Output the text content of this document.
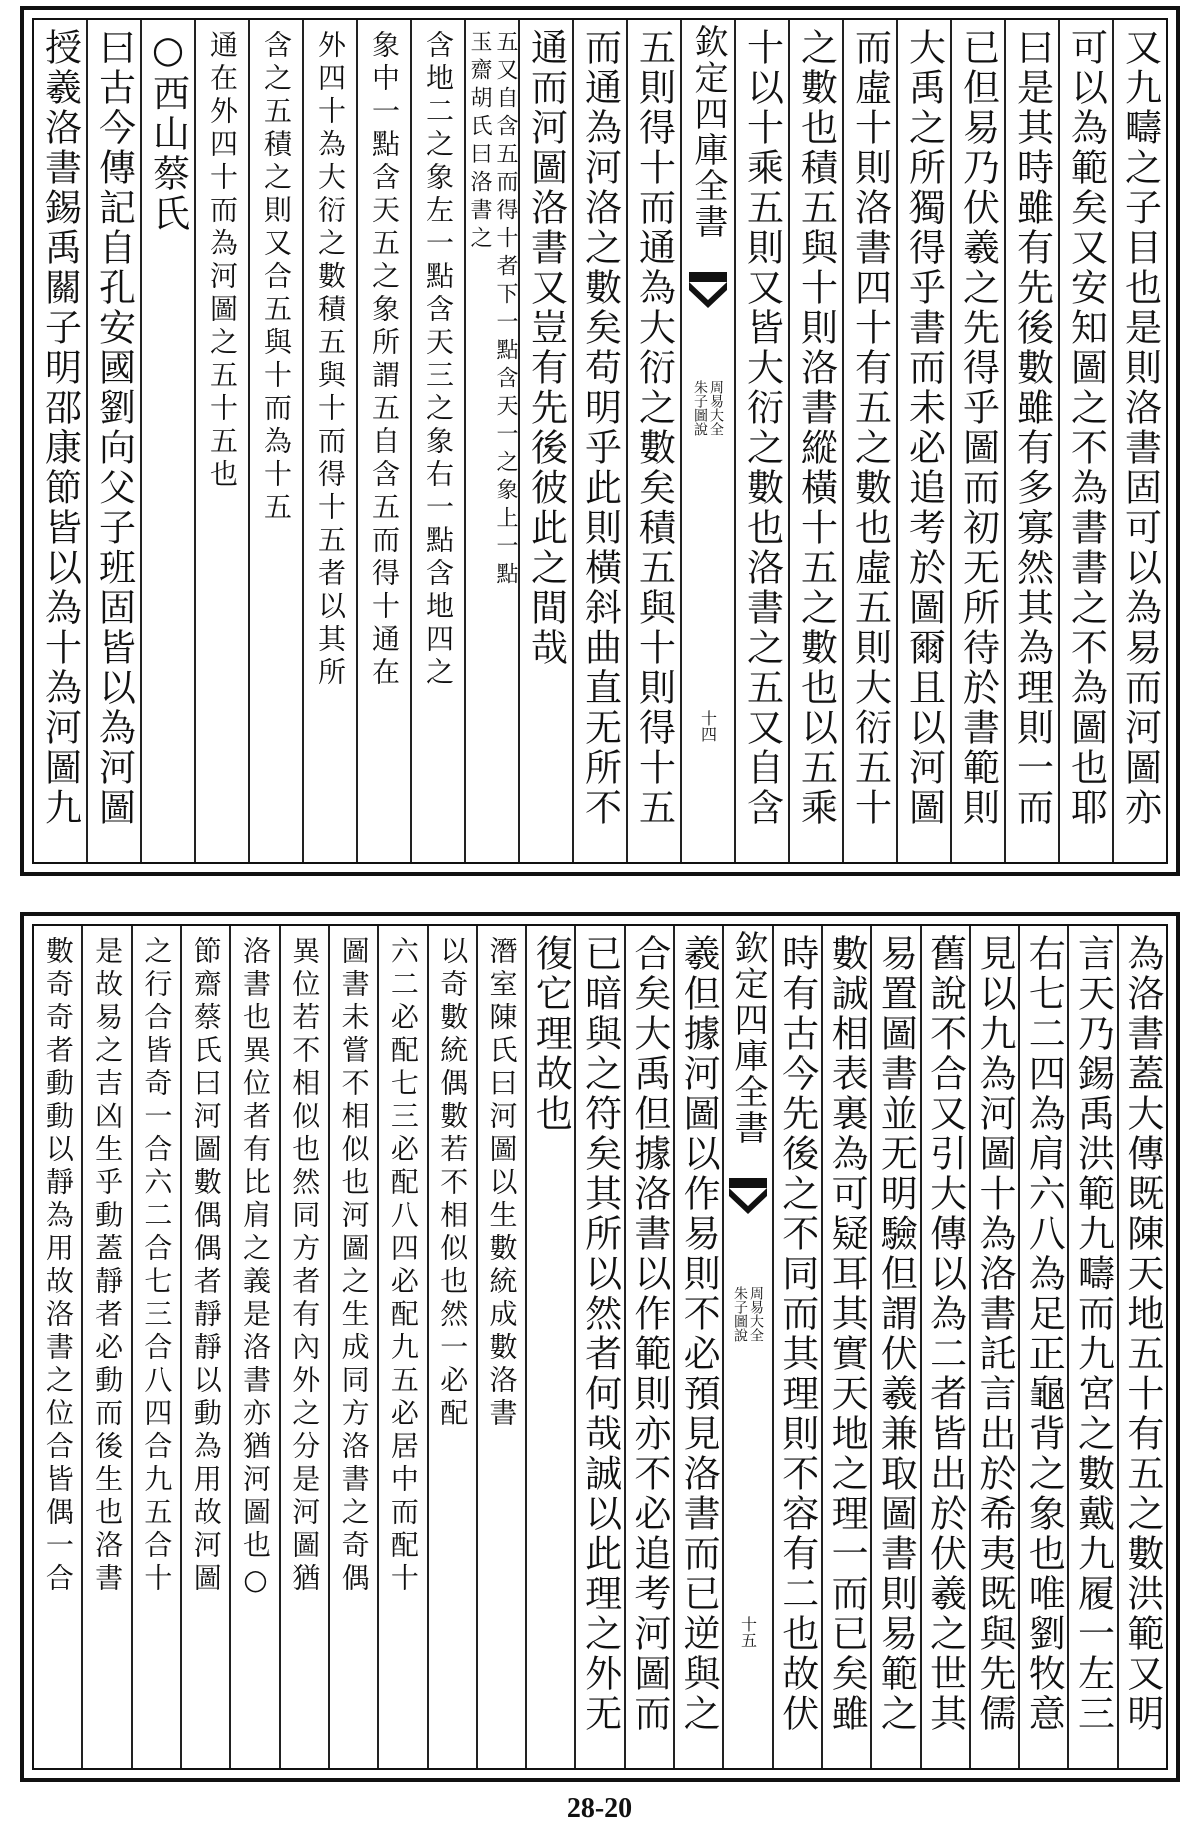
又九疇之子目也是則洛書固可以為易而河圖亦
可以為範矣又安知圖之不為書書之不為圖也耶
曰是其時雖有先後數雖有多寡然其為理則一而
已但易乃伏羲之先得乎圖而初无所待於書範則
大禹之所獨得乎書而未必追考於圖爾且以河圖
而虛十則洛書四十有五之數也虛五則大衍五十
之數也積五與十則洛書縱橫十五之數也以五乘
十以十乘五則又皆大衍之數也洛書之五又自含
欽定四庫全書
周易大全
朱子圖說
十四
五則得十而通為大衍之數矣積五與十則得十五
而通為河洛之數矣苟明乎此則橫斜曲直无所不
通而河圖洛書又豈有先後彼此之間哉
五又自含五而得十者下一點含天一之象上一點
玉齋胡氏曰洛書之
含地二之象左一點含天三之象右一點含地四之
象中一點含天五之象所謂五自含五而得十通在
外四十為大衍之數積五與十而得十五者以其所
含之五積之則又合五與十而為十五
通在外四十而為河圖之五十五也
○西山蔡氏
曰古今傳記自孔安國劉向父子班固皆以為河圖
授羲洛書錫禹關子明邵康節皆以為十為河圖九
為洛書蓋大傳既陳天地五十有五之數洪範又明
言天乃錫禹洪範九疇而九宮之數戴九履一左三
右七二四為肩六八為足正龜背之象也唯劉牧意
見以九為河圖十為洛書託言出於希夷既與先儒
舊說不合又引大傳以為二者皆出於伏羲之世其
易置圖書並无明驗但謂伏羲兼取圖書則易範之
數誠相表裏為可疑耳其實天地之理一而已矣雖
時有古今先後之不同而其理則不容有二也故伏
欽定四庫全書
周易大全
朱子圖說
十五
羲但據河圖以作易則不必預見洛書而已逆與之
合矣大禹但據洛書以作範則亦不必追考河圖而
已暗與之符矣其所以然者何哉誠以此理之外无
復它理故也
潛室陳氏曰河圖以生數統成數洛書
以奇數統偶數若不相似也然一必配
六二必配七三必配八四必配九五必居中而配十
圖書未嘗不相似也河圖之生成同方洛書之奇偶
異位若不相似也然同方者有內外之分是河圖猶
洛書也異位者有比肩之義是洛書亦猶河圖也○
節齋蔡氏曰河圖數偶偶者靜靜以動為用故河圖
之行合皆奇一合六二合七三合八四合九五合十
是故易之吉凶生乎動蓋靜者必動而後生也洛書
數奇奇者動動以靜為用故洛書之位合皆偶一合
28-20
